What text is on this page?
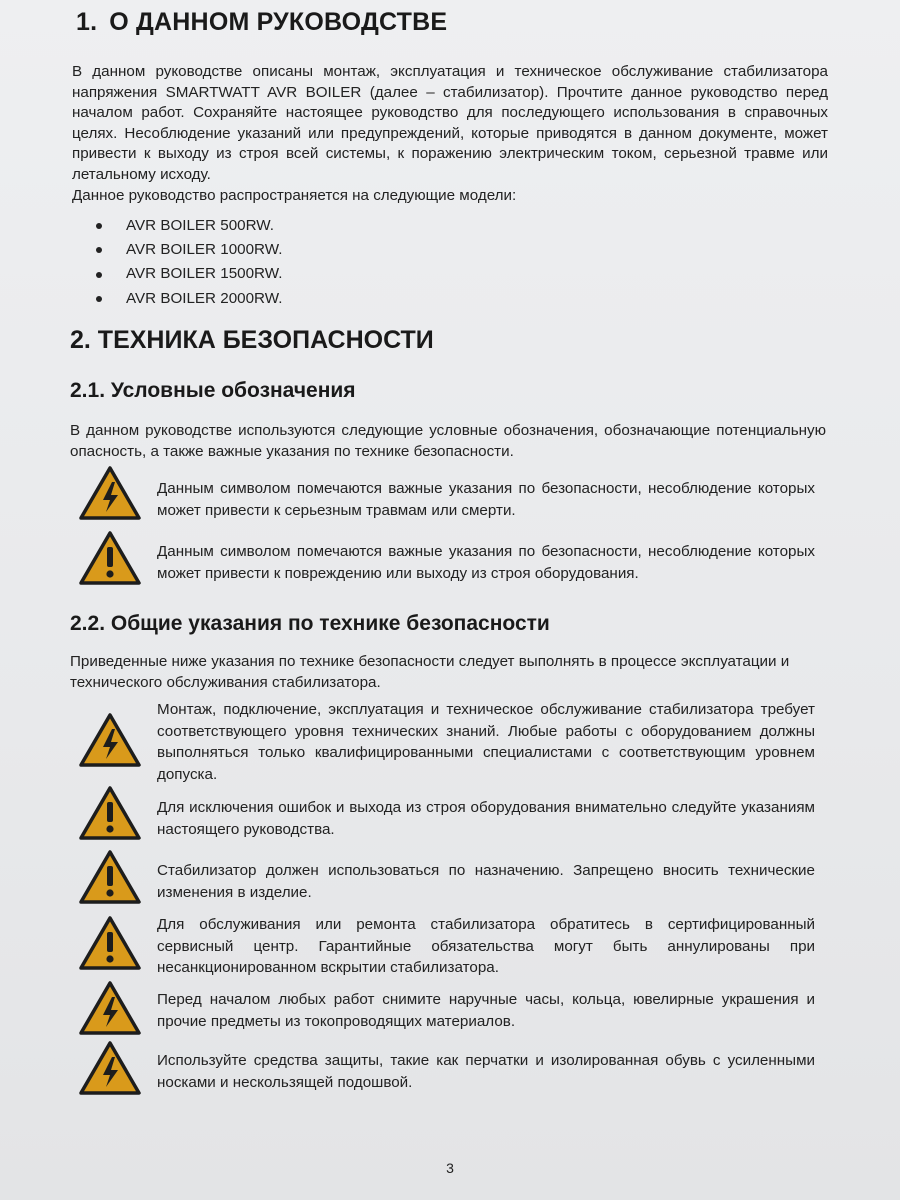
1. О ДАННОМ РУКОВОДСТВЕ

В данном руководстве описаны монтаж, эксплуатация и техническое обслуживание стабилизатора напряжения SMARTWATT AVR BOILER (далее – стабилизатор). Прочтите данное руководство перед началом работ. Сохраняйте настоящее руководство для последующего использования в справочных целях. Несоблюдение указаний или предупреждений, которые приводятся в данном документе, может привести к выходу из строя всей системы, к поражению электрическим током, серьезной травме или летальному исходу.

Данное руководство распространяется на следующие модели:

AVR BOILER 500RW.
AVR BOILER 1000RW.
AVR BOILER 1500RW.
AVR BOILER 2000RW.
2. ТЕХНИКА БЕЗОПАСНОСТИ
2.1. Условные обозначения

В данном руководстве используются следующие условные обозначения, обозначающие потенциальную опасность, а также важные указания по технике безопасности.

Данным символом помечаются важные указания по безопасности, несоблюдение которых может привести к серьезным травмам или смерти.

Данным символом помечаются важные указания по безопасности, несоблюдение которых может привести к повреждению или выходу из строя оборудования.

2.2. Общие указания по технике безопасности

Приведенные ниже указания по технике безопасности следует выполнять в процессе эксплуатации и технического обслуживания стабилизатора.

Монтаж, подключение, эксплуатация и техническое обслуживание стабилизатора требует соответствующего уровня технических знаний. Любые работы с оборудованием должны выполняться только квалифицированными специалистами с соответствующим уровнем допуска.

Для исключения ошибок и выхода из строя оборудования внимательно следуйте указаниям настоящего руководства.

Стабилизатор должен использоваться по назначению. Запрещено вносить технические изменения в изделие.

Для обслуживания или ремонта стабилизатора обратитесь в сертифицированный сервисный центр. Гарантийные обязательства могут быть аннулированы при несанкционированном вскрытии стабилизатора.

Перед началом любых работ снимите наручные часы, кольца, ювелирные украшения и прочие предметы из токопроводящих материалов.

Используйте средства защиты, такие как перчатки и изолированная обувь с усиленными носками и нескользящей подошвой.

3
